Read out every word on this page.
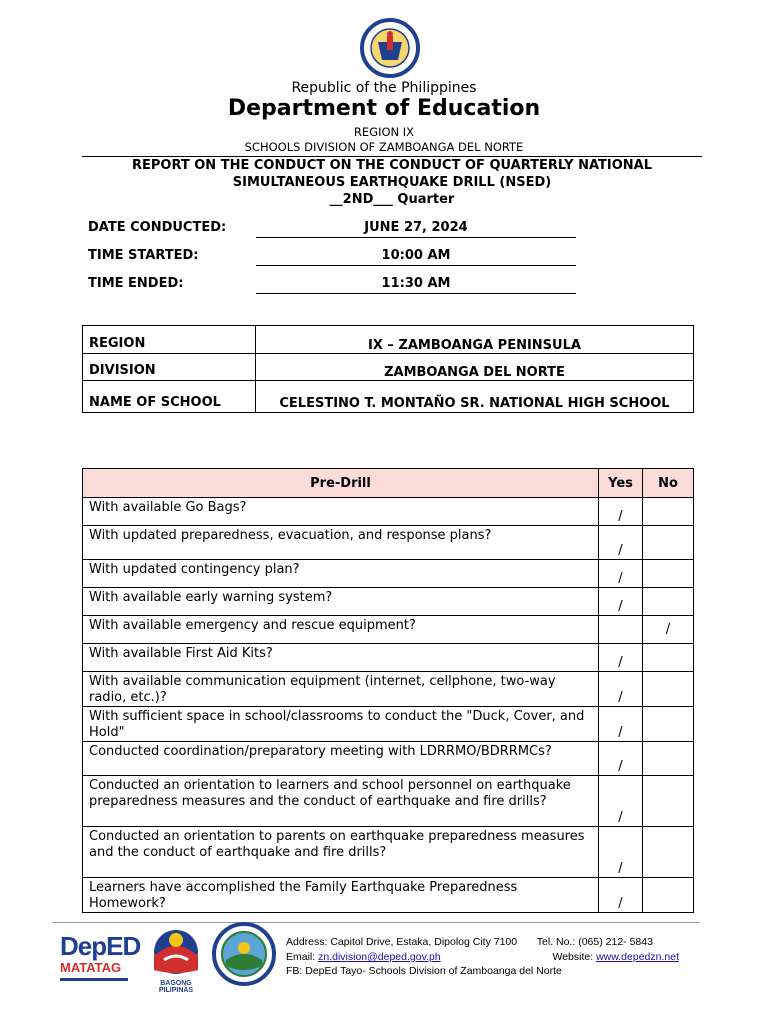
Republic of the Philippines
Department of Education
REGION IX
SCHOOLS DIVISION OF ZAMBOANGA DEL NORTE
REPORT ON THE CONDUCT ON THE CONDUCT OF QUARTERLY NATIONAL
SIMULTANEOUS EARTHQUAKE DRILL (NSED)
__2ND___ Quarter
DATE CONDUCTED:	JUNE 27, 2024
TIME STARTED:	10:00 AM
TIME ENDED:	11:30 AM
REGION	IX – ZAMBOANGA PENINSULA
DIVISION	ZAMBOANGA DEL NORTE
NAME OF SCHOOL	CELESTINO T. MONTAÑO SR. NATIONAL HIGH SCHOOL
Pre-Drill	Yes	No
With available Go Bags?	/	
With updated preparedness, evacuation, and response plans?	/	
With updated contingency plan?	/	
With available early warning system?	/	
With available emergency and rescue equipment?		/
With available First Aid Kits?	/	
With available communication equipment (internet, cellphone, two-way radio, etc.)?	/	
With sufficient space in school/classrooms to conduct the "Duck, Cover, and Hold"	/	
Conducted coordination/preparatory meeting with LDRRMO/BDRRMCs?	/	
Conducted an orientation to learners and school personnel on earthquake preparedness measures and the conduct of earthquake and fire drills?	/	
Conducted an orientation to parents on earthquake preparedness measures and the conduct of earthquake and fire drills?	/	
Learners have accomplished the Family Earthquake Preparedness Homework?	/	
DepED
MATATAG
BAGONG PILIPINAS
Address: Capitol Drive, Estaka, Dipolog City 7100 Tel. No.: (065) 212- 5843
Email: zn.division@deped.gov.ph	Website: www.depedzn.net
FB: DepEd Tayo- Schools Division of Zamboanga del Norte
